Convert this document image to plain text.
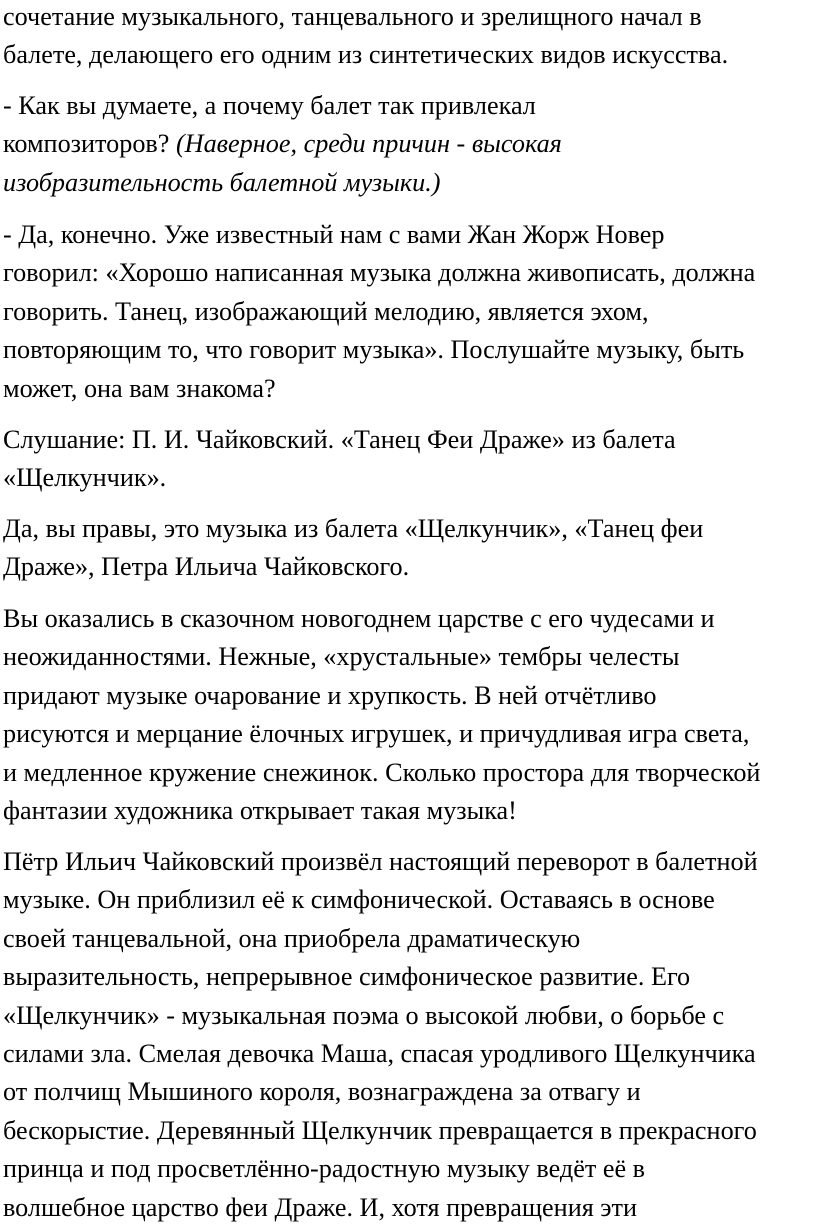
сочетание музыкального, танцевального и зрелищного начал в
балете, делающего его одним из синтетических видов искусства.

- Как вы думаете, а почему балет так привлекал
композиторов? (Наверное, среди причин - высокая
изобразительность балетной музыки.)

- Да, конечно. Уже известный нам с вами Жан Жорж Новер
говорил: «Хорошо написанная музыка должна живописать, должна
говорить. Танец, изображающий мелодию, является эхом,
повторяющим то, что говорит музыка». Послушайте музыку, быть
может, она вам знакома?

Слушание: П. И. Чайковский. «Танец Феи Драже» из балета
«Щелкунчик».

Да, вы правы, это музыка из балета «Щелкунчик», «Танец феи
Драже», Петра Ильича Чайковского.

Вы оказались в сказочном новогоднем царстве с его чудесами и
неожиданностями. Нежные, «хрустальные» тембры челесты
придают музыке очарование и хрупкость. В ней отчётливо
рисуются и мерцание ёлочных игрушек, и причудливая игра света,
и медленное кружение снежинок. Сколько простора для творческой
фантазии художника открывает такая музыка!

Пётр Ильич Чайковский произвёл настоящий переворот в балетной
музыке. Он приблизил её к симфонической. Оставаясь в основе
своей танцевальной, она приобрела драматическую
выразительность, непрерывное симфоническое развитие. Его
«Щелкунчик» - музыкальная поэма о высокой любви, о борьбе с
силами зла. Смелая девочка Маша, спасая уродливого Щелкунчика
от полчищ Мышиного короля, вознаграждена за отвагу и
бескорыстие. Деревянный Щелкунчик превращается в прекрасного
принца и под просветлённо-радостную музыку ведёт её в
волшебное царство феи Драже. И, хотя превращения эти
